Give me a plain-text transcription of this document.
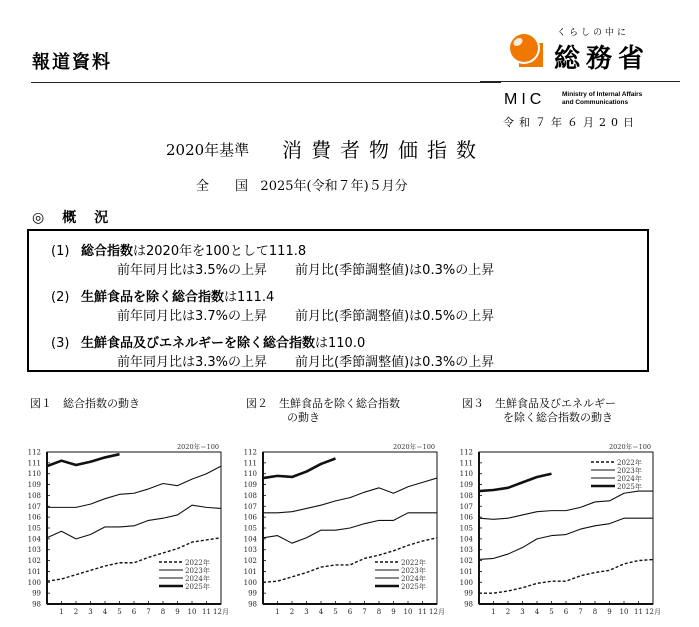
報道資料
くらしの中に
総務省
MIC	Ministry of Internal Affairs
and Communications
令和７年６月20日
2020年基準 消費者物価指数
全　　国 2025年(令和７年)５月分
◎　概　況
(1) 総合指数は2020年を100として111.8
前年同月比は3.5%の上昇 前月比(季節調整値)は0.3%の上昇
(2) 生鮮食品を除く総合指数は111.4
前年同月比は3.7%の上昇 前月比(季節調整値)は0.5%の上昇
(3) 生鮮食品及びエネルギーを除く総合指数は110.0
前年同月比は3.3%の上昇 前月比(季節調整値)は0.3%の上昇
図１　総合指数の動き	図２　生鮮食品を除く総合指数
の動き
図３　生鮮食品及びエネルギー
を除く総合指数の動き
2020年＝100
98
99
100
101
102
103
104
105
106
107
108
109
110
111
112
1 2 3 4 5 6 7 8 9 10 11 12月
2022年
2023年
2024年
2025年
2020年＝100
98
99
100
101
102
103
104
105
106
107
108
109
110
111
112
1 2 3 4 5 6 7 8 9 10 11 12月
2022年
2023年
2024年
2025年
2020年＝100
98
99
100
101
102
103
104
105
106
107
108
109
110
111
112
1 2 3 4 5 6 7 8 9 10 11 12月
2022年
2023年
2024年
2025年
